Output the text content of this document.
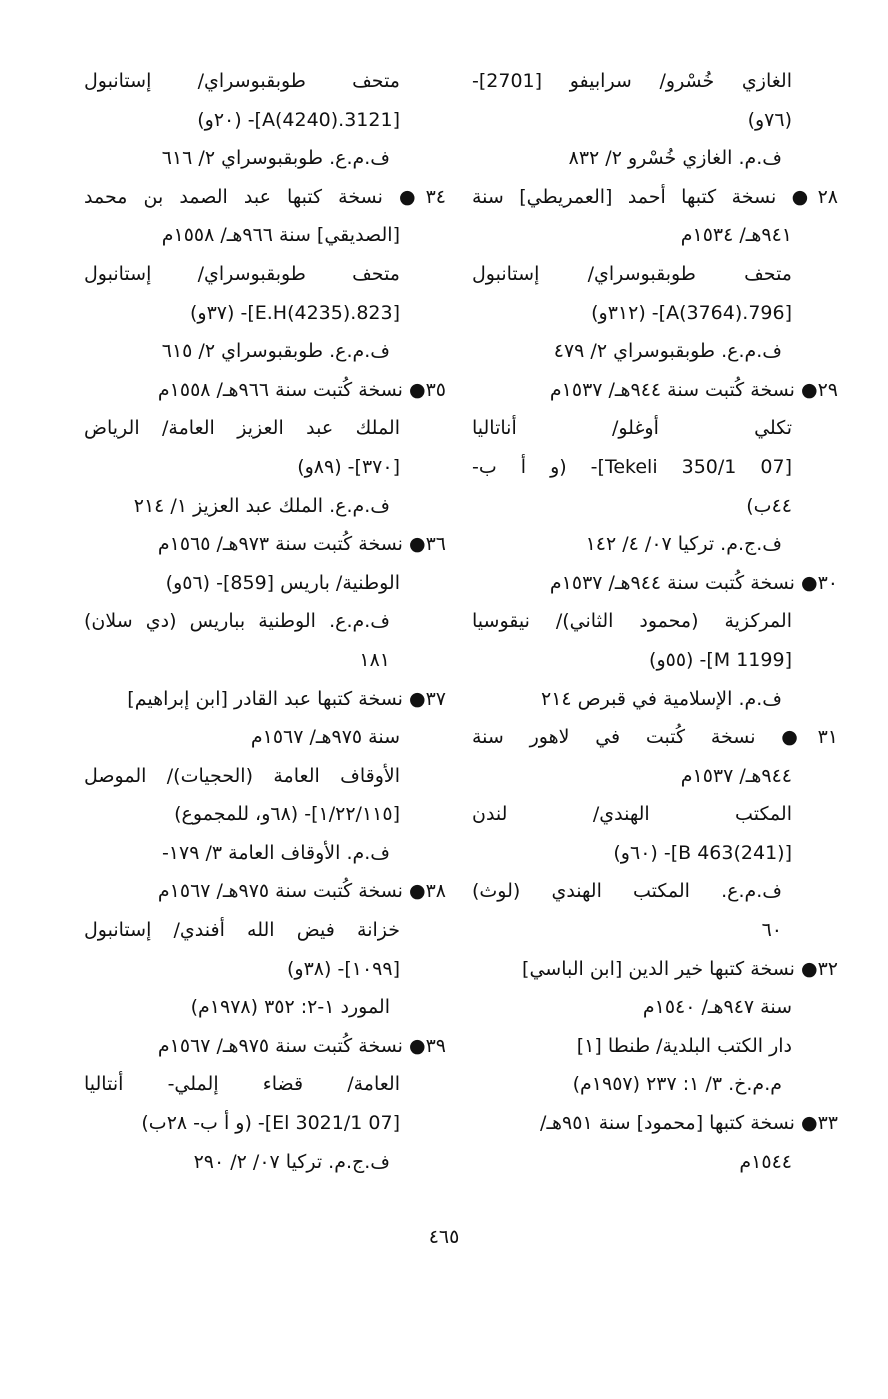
الغازي خُسْرو/ سرابيفو [2701]-
(٧٦و)
ف.م. الغازي خُسْرو ٢/ ٨٣٢
٢٨● نسخة كتبها أحمد [العمريطي] سنة
٩٤١هـ/ ١٥٣٤م
متحف طوبقبوسراي/ إستانبول
[796.A(3764)]- (٣١٢و)
ف.م.ع. طوبقبوسراي ٢/ ٤٧٩
٢٩● نسخة كُتبت سنة ٩٤٤هـ/ ١٥٣٧م
تكلي أوغلو/ أناتاليا
[07 Tekeli 350/1]- (و أ ب-
٤٤ب)
ف.ج.م. تركيا ٠٧/ ٤/ ١٤٢
٣٠● نسخة كُتبت سنة ٩٤٤هـ/ ١٥٣٧م
المركزية (محمود الثاني)/ نيقوسيا
[M 1199]- (٥٥و)
ف.م. الإسلامية في قبرص ٢١٤
٣١● نسخة كُتبت في لاهور سنة
٩٤٤هـ/ ١٥٣٧م
المكتب الهندي/ لندن
[B 463(241)]- (٦٠و)
ف.م.ع. المكتب الهندي (لوث)
٦٠
٣٢● نسخة كتبها خير الدين [ابن الباسي]
سنة ٩٤٧هـ/ ١٥٤٠م
دار الكتب البلدية/ طنطا [١]
م.م.خ. ٣/ ١: ٢٣٧ (١٩٥٧م)
٣٣● نسخة كتبها [محمود] سنة ٩٥١هـ/
١٥٤٤م
متحف طوبقبوسراي/ إستانبول
[3121.A(4240)]- (٢٠و)
ف.م.ع. طوبقبوسراي ٢/ ٦١٦
٣٤● نسخة كتبها عبد الصمد بن محمد
[الصديقي] سنة ٩٦٦هـ/ ١٥٥٨م
متحف طوبقبوسراي/ إستانبول
[823.E.H(4235)]- (٣٧و)
ف.م.ع. طوبقبوسراي ٢/ ٦١٥
٣٥● نسخة كُتبت سنة ٩٦٦هـ/ ١٥٥٨م
الملك عبد العزيز العامة/ الرياض
[٣٧٠]- (٨٩و)
ف.م.ع. الملك عبد العزيز ١/ ٢١٤
٣٦● نسخة كُتبت سنة ٩٧٣هـ/ ١٥٦٥م
الوطنية/ باريس [859]- (٥٦و)
ف.م.ع. الوطنية بباريس (دي سلان)
١٨١
٣٧● نسخة كتبها عبد القادر [ابن إبراهيم]
سنة ٩٧٥هـ/ ١٥٦٧م
الأوقاف العامة (الحجيات)/ الموصل
[١/٢٢/١١٥]- (٦٨و، للمجموع)
ف.م. الأوقاف العامة ٣/ ١٧٩-
٣٨● نسخة كُتبت سنة ٩٧٥هـ/ ١٥٦٧م
خزانة فيض الله أفندي/ إستانبول
[١٠٩٩]- (٣٨و)
المورد ١-٢: ٣٥٢ (١٩٧٨م)
٣٩● نسخة كُتبت سنة ٩٧٥هـ/ ١٥٦٧م
العامة/ قضاء إلملي- أنتاليا
[07 El 3021/1]- (و أ ب- ٢٨ب)
ف.ج.م. تركيا ٠٧/ ٢/ ٢٩٠
٤٦٥
